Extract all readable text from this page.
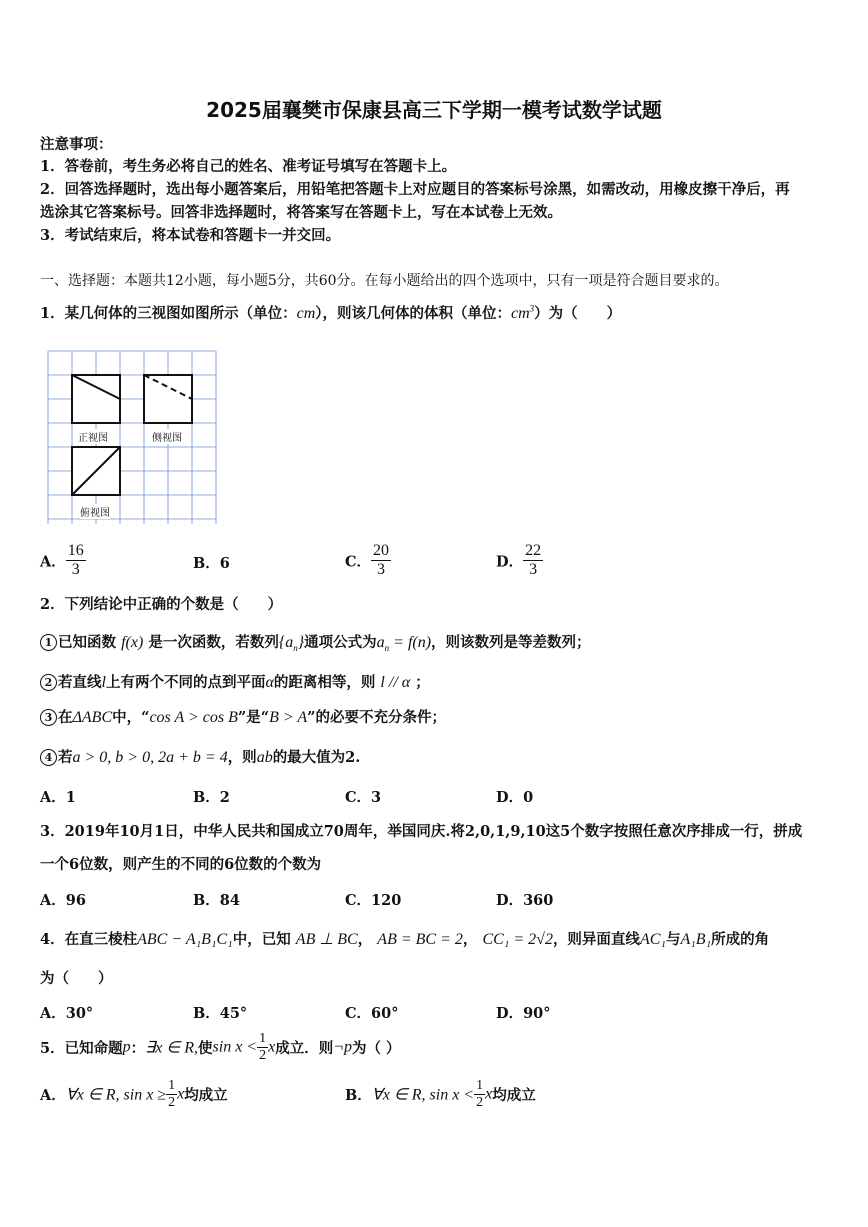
2025届襄樊市保康县高三下学期一模考试数学试题
注意事项：
1．答卷前，考生务必将自己的姓名、准考证号填写在答题卡上。
2．回答选择题时，选出每小题答案后，用铅笔把答题卡上对应题目的答案标号涂黑，如需改动，用橡皮擦干净后，再
选涂其它答案标号。回答非选择题时，将答案写在答题卡上，写在本试卷上无效。
3．考试结束后，将本试卷和答题卡一并交回。
一、选择题：本题共12小题，每小题5分，共60分。在每小题给出的四个选项中，只有一项是符合题目要求的。
1．某几何体的三视图如图所示（单位：cm），则该几何体的体积（单位：$cm^3$）为（　　）
正视图	侧视图
俯视图
A． $\frac{16}{3}$	B．6	C． $\frac{20}{3}$	D． $\frac{22}{3}$
2．下列结论中正确的个数是（　　）
1 已知函数 f(x) 是一次函数，若数列$\{a_n\}$通项公式为$a_n = f(n)$，则该数列是等差数列；
2 若直线l上有两个不同的点到平面α的距离相等，则 l // α ；
3 在ΔABC中，“cos A > cos B”是“B > A”的必要不充分条件；
4 若a > 0, b > 0, 2a + b = 4，则ab的最大值为2.
A．1	B．2	C．3	D．0
3．2019年10月1日，中华人民共和国成立70周年，举国同庆.将2,0,1,9,10这5个数字按照任意次序排成一行，拼成
一个6位数，则产生的不同的6位数的个数为
A．96	B．84	C．120	D．360
4．在直三棱柱ABC − A₁B₁C₁中，已知 AB ⊥ BC， AB = BC = 2， CC₁ = 2√2，则异面直线AC₁与A₁B₁所成的角
为（　　）
A．30°	B．45°	C．60°	D．90°
5．已知命题p：∃x ∈ R,使$\sin x < \frac{1}{2}$ x成立．则¬p为（ ）
A．∀x ∈ R, $\sin x \ge \frac{1}{2}$ x均成立	B．∀x ∈ R, $\sin x < \frac{1}{2}$ x均成立
